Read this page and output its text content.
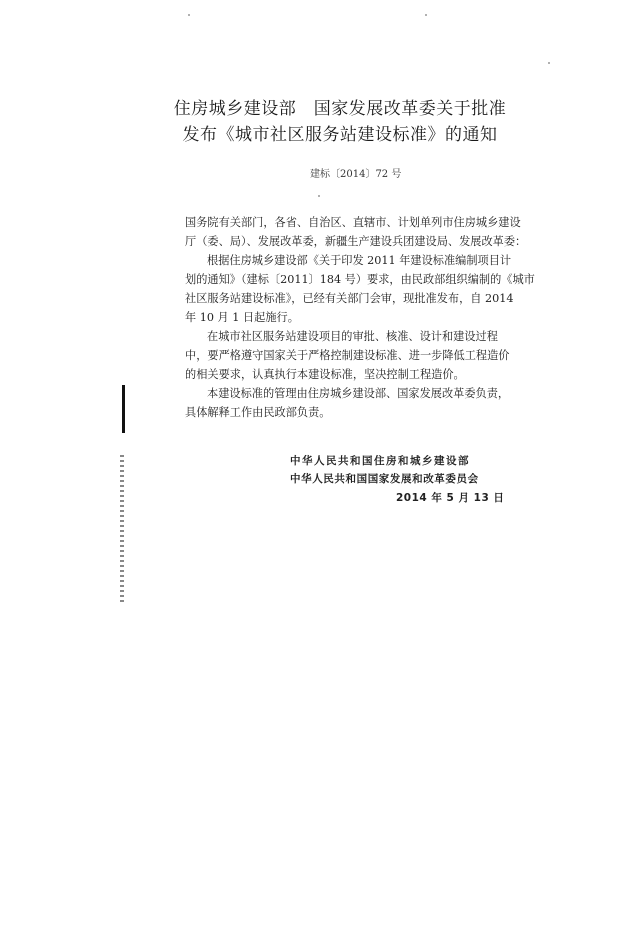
住房城乡建设部　国家发展改革委关于批准
发布《城市社区服务站建设标准》的通知
建标〔2014〕72 号
国务院有关部门，各省、自治区、直辖市、计划单列市住房城乡建设
厅（委、局）、发展改革委，新疆生产建设兵团建设局、发展改革委：
根据住房城乡建设部《关于印发 2011 年建设标准编制项目计
划的通知》（建标〔2011〕184 号）要求，由民政部组织编制的《城市
社区服务站建设标准》，已经有关部门会审，现批准发布，自 2014
年 10 月 1 日起施行。
在城市社区服务站建设项目的审批、核准、设计和建设过程
中，要严格遵守国家关于严格控制建设标准、进一步降低工程造价
的相关要求，认真执行本建设标准，坚决控制工程造价。
本建设标准的管理由住房城乡建设部、国家发展改革委负责，
具体解释工作由民政部负责。
中华人民共和国住房和城乡建设部
中华人民共和国国家发展和改革委员会
2014 年 5 月 13 日
